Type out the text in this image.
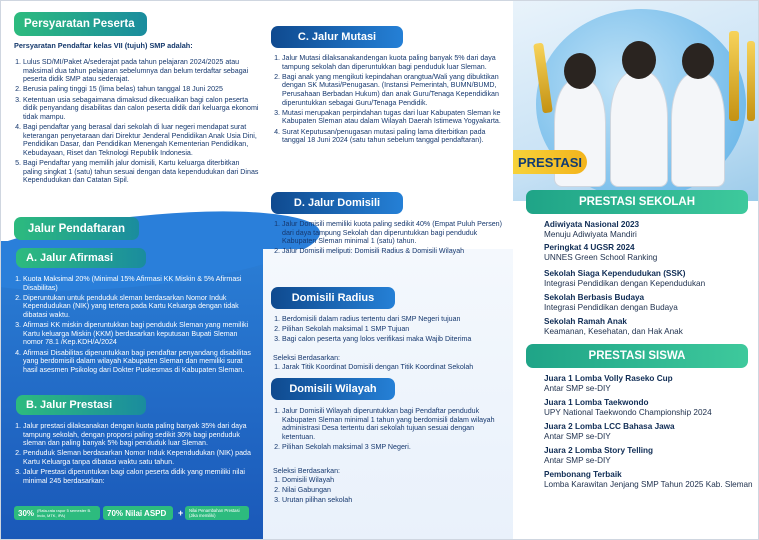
Persyaratan Peserta
Persyaratan Pendaftar kelas VII (tujuh) SMP adalah:
1. Lulus SD/MI/Paket A/sederajat pada tahun pelajaran 2024/2025 atau maksimal dua tahun pelajaran sebelumnya dan belum terdaftar sebagai peserta didik SMP atau sederajat.
2. Berusia paling tinggi 15 (lima belas) tahun tanggal 18 Juni 2025
3. Ketentuan usia sebagaimana dimaksud dikecualikan bagi calon peserta didik penyandang disabilitas dan calon peserta didik dari keluarga ekonomi tidak mampu.
4. Bagi pendaftar yang berasal dari sekolah di luar negeri mendapat surat keterangan penyetaraan dari Direktur Jenderal Pendidikan Anak Usia Dini, Pendidikan Dasar, dan Pendidikan Menengah Kementerian Pendidikan, Kebudayaan, Riset dan Teknologi Republik Indonesia.
5. Bagi Pendaftar yang memilih jalur domisili, Kartu keluarga diterbitkan paling singkat 1 (satu) tahun sesuai dengan data kependudukan dari Dinas Kependudukan dan Catatan Sipil.
Jalur Pendaftaran
A. Jalur Afirmasi
1. Kuota Maksimal 20% (Minimal 15% Afirmasi KK Miskin & 5% Afirmasi Disabilitas)
2. Diperuntukan untuk penduduk sleman berdasarkan Nomor Induk Kependudukan (NIK) yang tertera pada Kartu Keluarga dengan tidak dibatasi waktu.
3. Afirmasi KK miskin diperuntukkan bagi penduduk Sleman yang memiliki Kartu keluarga Miskin (KKM) berdasarkan keputusan Bupati Sleman nomor 78.1 /Kep.KDH/A/2024
4. Afirmasi Disabilitas diperuntukkan bagi pendaftar penyandang disabilitas yang berdomisili dalam wilayah Kabupaten Sleman dan memiliki surat hasil asesmen Psikolog dari Dokter Puskesmas di Kabupaten Sleman.
B. Jalur Prestasi
1. Jalur prestasi dilaksanakan dengan kuota paling banyak 35% dari daya tampung sekolah, dengan proporsi paling sedikit 30% bagi penduduk sleman dan paling banyak 5% bagi penduduk luar Sleman.
2. Penduduk Sleman berdasarkan Nomor Induk Kependudukan (NIK) pada Kartu Keluarga tanpa dibatasi waktu satu tahun.
3. Jalur Prestasi diperuntukan bagi calon peserta didik yang memiliki nilai minimal 245 berdasarkan:
30% (Rata-rata rapor 5 semester B. Indo, MTK, IPA)	70% Nilai ASPD	+	Nilai Penambahan Prestasi (Jika memiliki)
C. Jalur Mutasi
1. Jalur Mutasi dilaksanakandengan kuota paling banyak 5% dari daya tampung sekolah dan diperuntukkan bagi penduduk luar Sleman.
2. Bagi anak yang mengikuti kepindahan orangtua/Wali yang dibuktikan dengan SK Mutasi/Penugasan. (Instansi Pemerintah, BUMN/BUMD, Perusahaan Berbadan Hukum) dan anak Guru/Tenaga Kependidikan diperuntukkan sebagai Guru/Tenaga Pendidik.
3. Mutasi merupakan perpindahan tugas dari luar Kabupaten Sleman ke Kabupaten Sleman atau dalam Wilayah Daerah Istimewa Yogyakarta.
4. Surat Keputusan/penugasan mutasi paling lama diterbitkan pada tanggal 18 Juni 2024 (satu tahun sebelum tanggal pendaftaran).
D. Jalur Domisili
1. Jalur Domisili memiliki kuota paling sedikit 40% (Empat Puluh Persen) dari daya tampung Sekolah dan diperuntukkan bagi penduduk Kabupaten Sleman minimal 1 (satu) tahun.
2. Jalur Domisili meliputi: Domisili Radius & Domisili Wilayah
Domisili Radius
1. Berdomisili dalam radius tertentu dari SMP Negeri tujuan
2. Pilihan Sekolah maksimal 1 SMP Tujuan
3. Bagi calon peserta yang lolos verifikasi maka Wajib Diterima
Seleksi Berdasarkan:
1. Jarak Titik Koordinat Domisili dengan Titik Koordinat Sekolah
Domisili Wilayah
1. Jalur Domisili Wilayah diperuntukkan bagi Pendaftar penduduk Kabupaten Sleman minimal 1 tahun yang berdomisili dalam wilayah administrasi Desa tertentu dari sekolah tujuan sesuai dengan ketentuan.
2. Pilihan Sekolah maksimal 3 SMP Negeri.
Seleksi Berdasarkan:
1. Domisili Wilayah
2. Nilai Gabungan
3. Urutan pilihan sekolah
PRESTASI
PRESTASI SEKOLAH
Adiwiyata Nasional 2023
Menuju Adiwiyata Mandiri
Peringkat 4 UGSR 2024
UNNES Green School Ranking
Sekolah Siaga Kependudukan (SSK)
Integrasi Pendidikan dengan Kependudukan
Sekolah Berbasis Budaya
Integrasi Pendidikan dengan Budaya
Sekolah Ramah Anak
Keamanan, Kesehatan, dan Hak Anak
PRESTASI SISWA
Juara 1 Lomba Volly Raseko Cup
Antar SMP se-DIY
Juara 1 Lomba Taekwondo
UPY National Taekwondo Championship 2024
Juara 2 Lomba LCC Bahasa Jawa
Antar SMP se-DIY
Juara 2 Lomba Story Telling
Antar SMP se-DIY
Pembonang Terbaik
Lomba Karawitan Jenjang SMP Tahun 2025 Kab. Sleman
